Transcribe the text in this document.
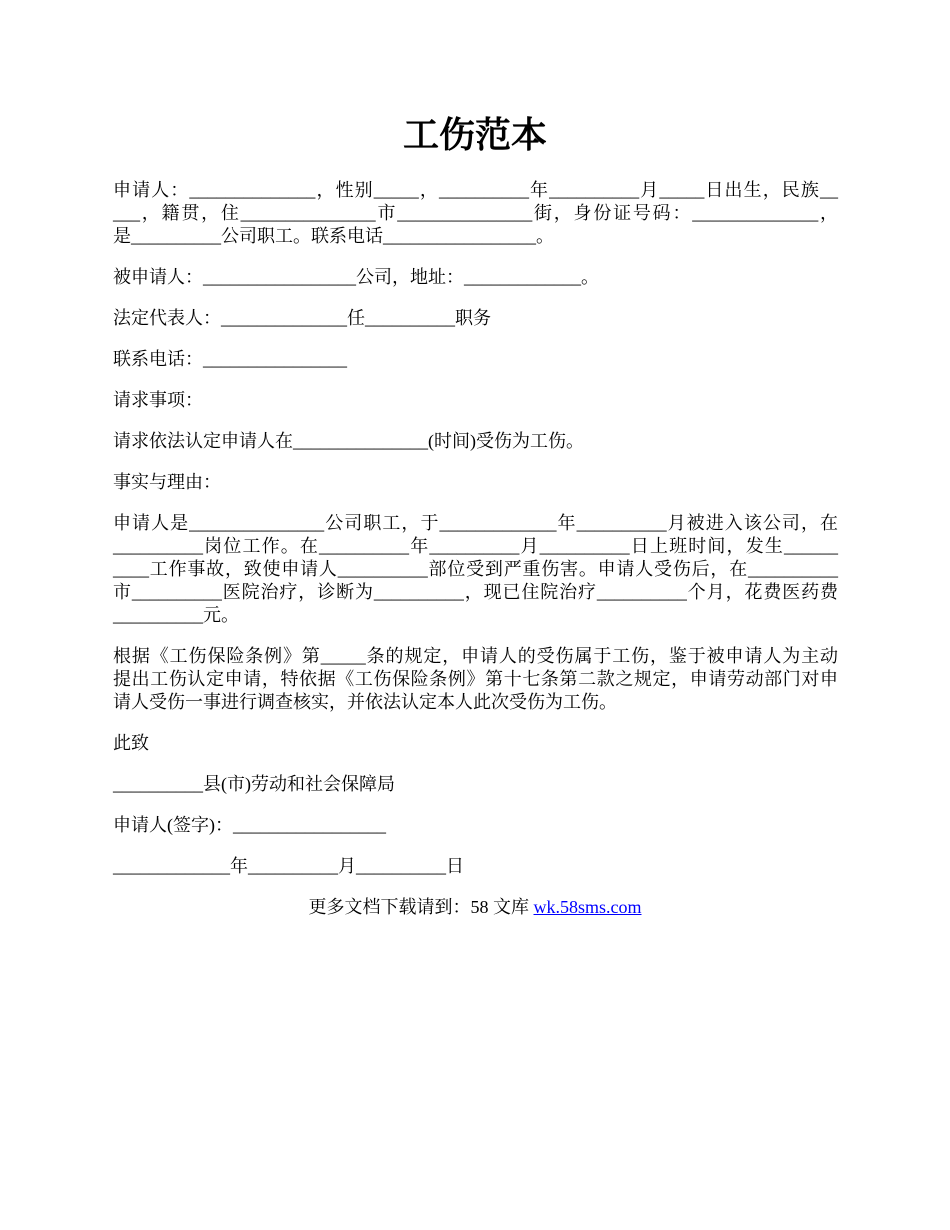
工伤范本
申请人：______________，性别_____，__________年__________月_____日出生，民族__
___，籍贯，住_______________市_______________街，身份证号码：______________，
是__________公司职工。联系电话_________________。
被申请人：_________________公司，地址：_____________。
法定代表人：______________任__________职务
联系电话：________________
请求事项：
请求依法认定申请人在_______________(时间)受伤为工伤。
事实与理由：
申请人是_______________公司职工，于_____________年__________月被进入该公司，在
__________岗位工作。在__________年__________月__________日上班时间，发生______
____工作事故，致使申请人__________部位受到严重伤害。申请人受伤后，在__________
市__________医院治疗，诊断为__________，现已住院治疗__________个月，花费医药费
__________元。
根据《工伤保险条例》第_____条的规定，申请人的受伤属于工伤，鉴于被申请人为主动
提出工伤认定申请，特依据《工伤保险条例》第十七条第二款之规定，申请劳动部门对申
请人受伤一事进行调查核实，并依法认定本人此次受伤为工伤。
此致
__________县(市)劳动和社会保障局
申请人(签字)：_________________
_____________年__________月__________日
更多文档下载请到：58 文库 wk.58sms.com
